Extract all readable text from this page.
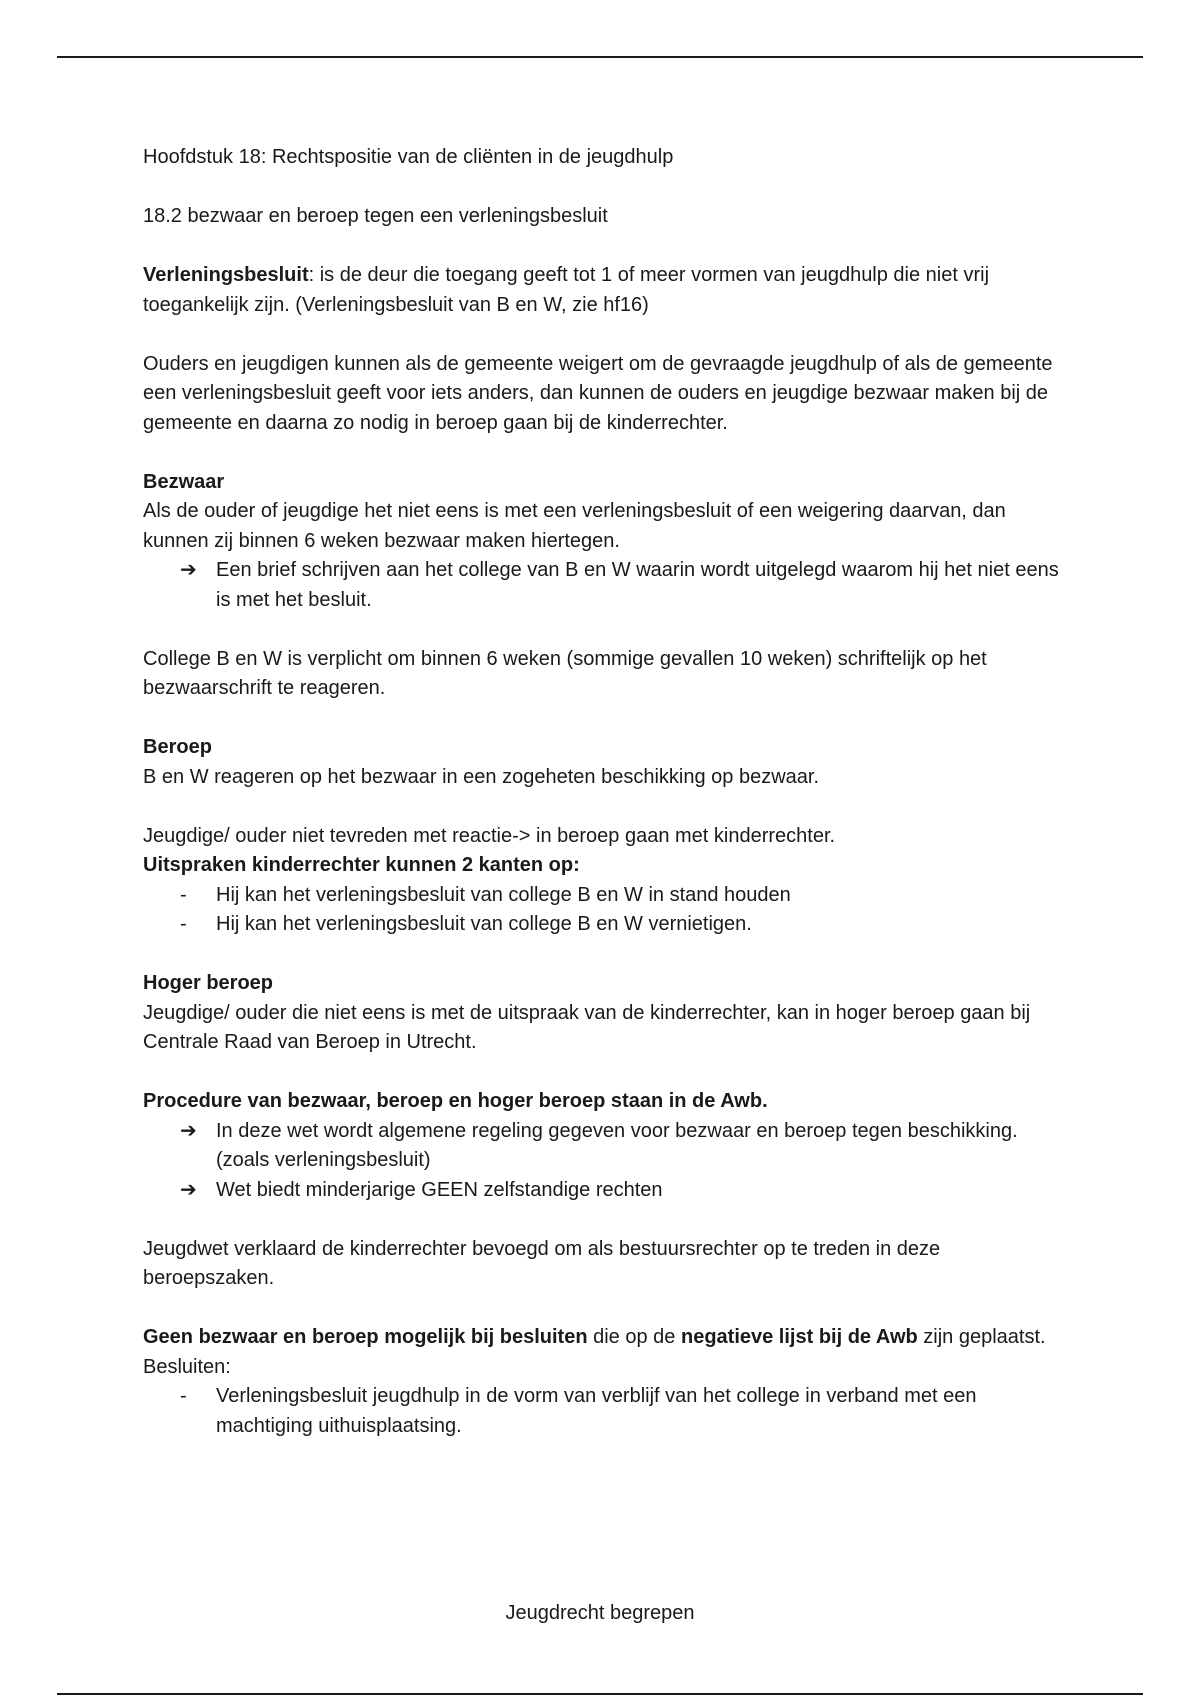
Hoofdstuk 18: Rechtspositie van de cliënten in de jeugdhulp

18.2 bezwaar en beroep tegen een verleningsbesluit

Verleningsbesluit: is de deur die toegang geeft tot 1 of meer vormen van jeugdhulp die niet vrij toegankelijk zijn. (Verleningsbesluit van B en W, zie hf16)

Ouders en jeugdigen kunnen als de gemeente weigert om de gevraagde jeugdhulp of als de gemeente een verleningsbesluit geeft voor iets anders, dan kunnen de ouders en jeugdige bezwaar maken bij de gemeente en daarna zo nodig in beroep gaan bij de kinderrechter.

Bezwaar

Als de ouder of jeugdige het niet eens is met een verleningsbesluit of een weigering daarvan, dan kunnen zij binnen 6 weken bezwaar maken hiertegen.

➔ Een brief schrijven aan het college van B en W waarin wordt uitgelegd waarom hij het niet eens is met het besluit.

College B en W is verplicht om binnen 6 weken (sommige gevallen 10 weken) schriftelijk op het bezwaarschrift te reageren.

Beroep

B en W reageren op het bezwaar in een zogeheten beschikking op bezwaar.

Jeugdige/ ouder niet tevreden met reactie-> in beroep gaan met kinderrechter.

Uitspraken kinderrechter kunnen 2 kanten op:

-	Hij kan het verleningsbesluit van college B en W in stand houden
-	Hij kan het verleningsbesluit van college B en W vernietigen.

Hoger beroep

Jeugdige/ ouder die niet eens is met de uitspraak van de kinderrechter, kan in hoger beroep gaan bij Centrale Raad van Beroep in Utrecht.

Procedure van bezwaar, beroep en hoger beroep staan in de Awb.

➔ In deze wet wordt algemene regeling gegeven voor bezwaar en beroep tegen beschikking. (zoals verleningsbesluit)
➔ Wet biedt minderjarige GEEN zelfstandige rechten

Jeugdwet verklaard de kinderrechter bevoegd om als bestuursrechter op te treden in deze beroepszaken.

Geen bezwaar en beroep mogelijk bij besluiten die op de negatieve lijst bij de Awb zijn geplaatst.

Besluiten:

-	Verleningsbesluit jeugdhulp in de vorm van verblijf van het college in verband met een machtiging uithuisplaatsing.
Jeugdrecht begrepen
